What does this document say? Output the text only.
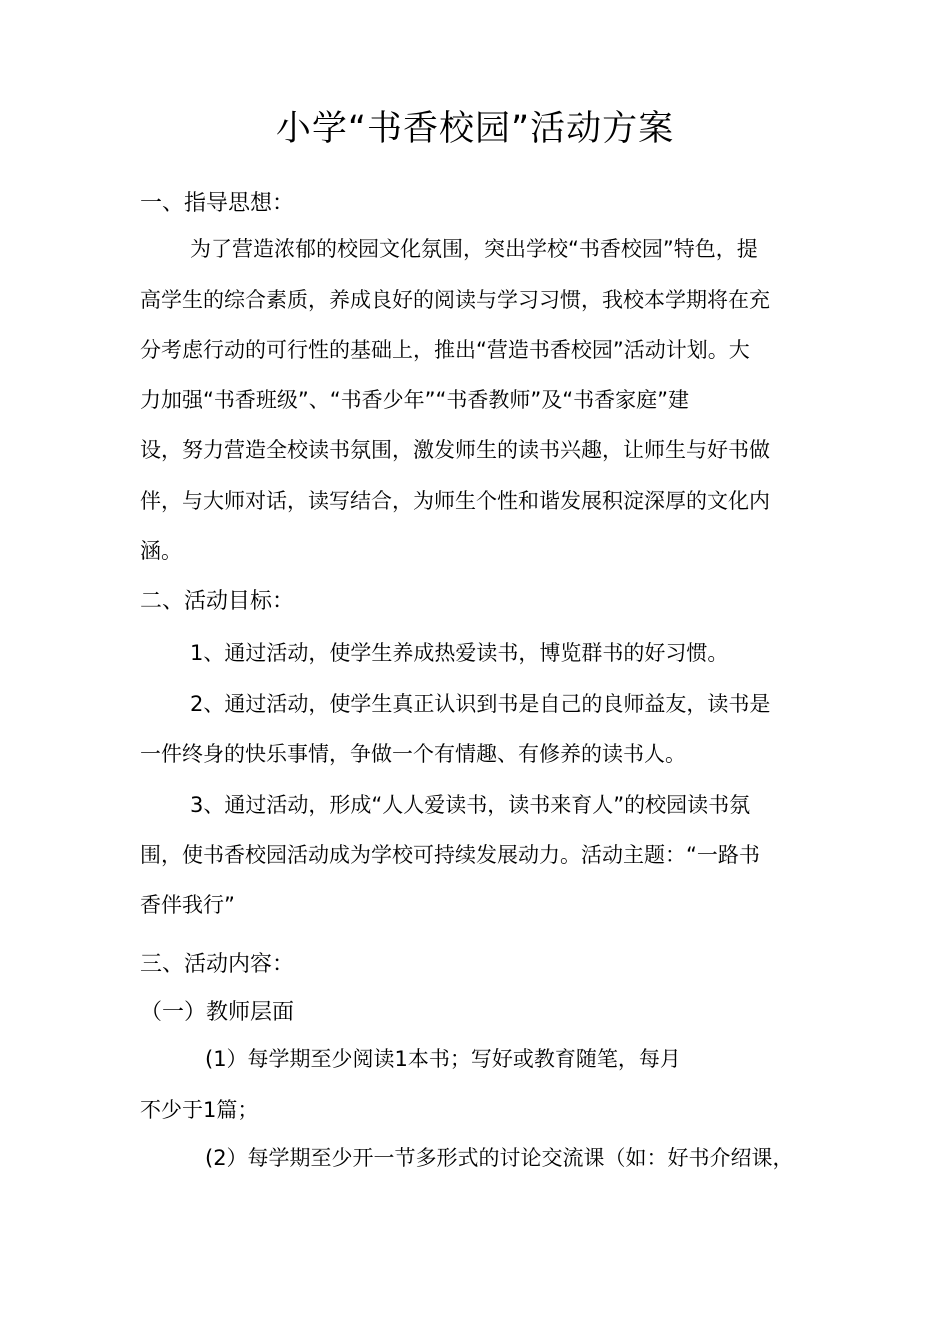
小学“书香校园”活动方案
一、指导思想：
为了营造浓郁的校园文化氛围，突出学校“书香校园”特色，提
高学生的综合素质，养成良好的阅读与学习习惯，我校本学期将在充
分考虑行动的可行性的基础上，推出“营造书香校园”活动计划。大
力加强“书香班级”、“书香少年”“书香教师”及“书香家庭”建
设，努力营造全校读书氛围，激发师生的读书兴趣，让师生与好书做
伴，与大师对话，读写结合，为师生个性和谐发展积淀深厚的文化内
涵。
二、活动目标：
1、通过活动，使学生养成热爱读书，博览群书的好习惯。
2、通过活动，使学生真正认识到书是自己的良师益友，读书是
一件终身的快乐事情，争做一个有情趣、有修养的读书人。
3、通过活动，形成“人人爱读书，读书来育人”的校园读书氛
围，使书香校园活动成为学校可持续发展动力。活动主题：“一路书
香伴我行”
三、活动内容：
（一）教师层面
(1）每学期至少阅读1本书；写好或教育随笔，每月
不少于1篇；
(2）每学期至少开一节多形式的讨论交流课（如：好书介绍课，
